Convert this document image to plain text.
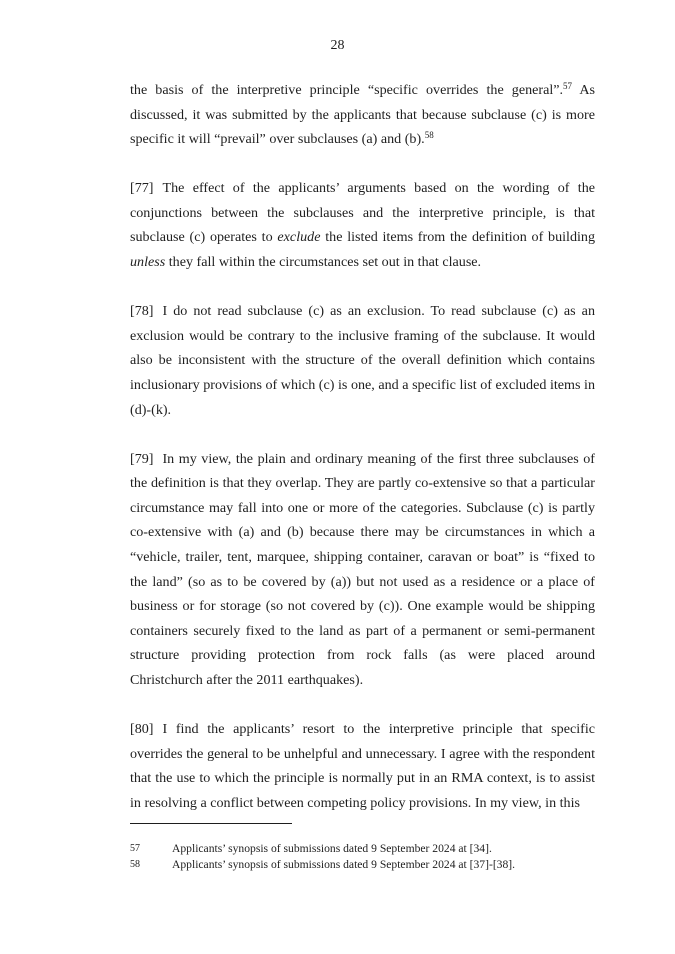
28

the basis of the interpretive principle “specific overrides the general”.$^{57}$ As discussed, it was submitted by the applicants that because subclause (c) is more specific it will “prevail” over subclauses (a) and (b).$^{58}$

[77] The effect of the applicants’ arguments based on the wording of the conjunctions between the subclauses and the interpretive principle, is that subclause (c) operates to exclude the listed items from the definition of building unless they fall within the circumstances set out in that clause.

[78] I do not read subclause (c) as an exclusion. To read subclause (c) as an exclusion would be contrary to the inclusive framing of the subclause. It would also be inconsistent with the structure of the overall definition which contains inclusionary provisions of which (c) is one, and a specific list of excluded items in (d)-(k).

[79] In my view, the plain and ordinary meaning of the first three subclauses of the definition is that they overlap. They are partly co-extensive so that a particular circumstance may fall into one or more of the categories. Subclause (c) is partly co-extensive with (a) and (b) because there may be circumstances in which a “vehicle, trailer, tent, marquee, shipping container, caravan or boat” is “fixed to the land” (so as to be covered by (a)) but not used as a residence or a place of business or for storage (so not covered by (c)). One example would be shipping containers securely fixed to the land as part of a permanent or semi-permanent structure providing protection from rock falls (as were placed around Christchurch after the 2011 earthquakes).

[80] I find the applicants’ resort to the interpretive principle that specific overrides the general to be unhelpful and unnecessary. I agree with the respondent that the use to which the principle is normally put in an RMA context, is to assist in resolving a conflict between competing policy provisions. In my view, in this

57	Applicants’ synopsis of submissions dated 9 September 2024 at [34].
58	Applicants’ synopsis of submissions dated 9 September 2024 at [37]-[38].
